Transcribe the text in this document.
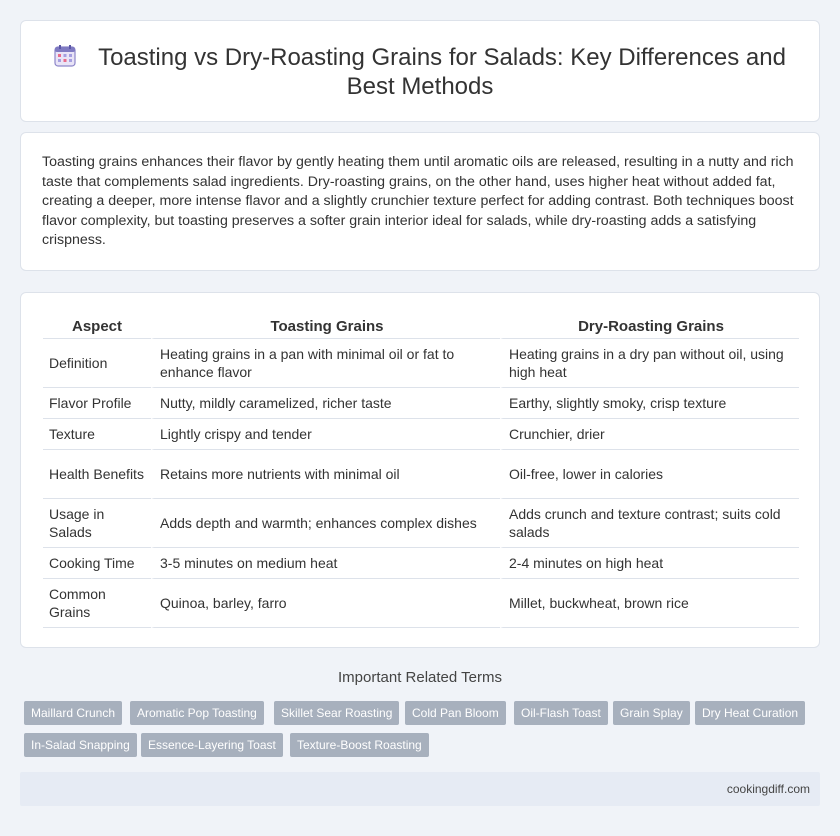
Toasting vs Dry-Roasting Grains for Salads: Key Differences and Best Methods

Toasting grains enhances their flavor by gently heating them until aromatic oils are released, resulting in a nutty and rich taste that complements salad ingredients. Dry-roasting grains, on the other hand, uses higher heat without added fat, creating a deeper, more intense flavor and a slightly crunchier texture perfect for adding contrast. Both techniques boost flavor complexity, but toasting preserves a softer grain interior ideal for salads, while dry-roasting adds a satisfying crispness.

Aspect	Toasting Grains	Dry-Roasting Grains
Definition	Heating grains in a pan with minimal oil or fat to enhance flavor	Heating grains in a dry pan without oil, using high heat
Flavor Profile	Nutty, mildly caramelized, richer taste	Earthy, slightly smoky, crisp texture
Texture	Lightly crispy and tender	Crunchier, drier
Health Benefits	Retains more nutrients with minimal oil	Oil-free, lower in calories
Usage in Salads	Adds depth and warmth; enhances complex dishes	Adds crunch and texture contrast; suits cold salads
Cooking Time	3-5 minutes on medium heat	2-4 minutes on high heat
Common Grains	Quinoa, barley, farro	Millet, buckwheat, brown rice
Important Related Terms
Maillard Crunch	Aromatic Pop Toasting	Skillet Sear Roasting	Cold Pan Bloom	Oil-Flash Toast	Grain Splay	Dry Heat Curation
In-Salad Snapping	Essence-Layering Toast	Texture-Boost Roasting
cookingdiff.com
